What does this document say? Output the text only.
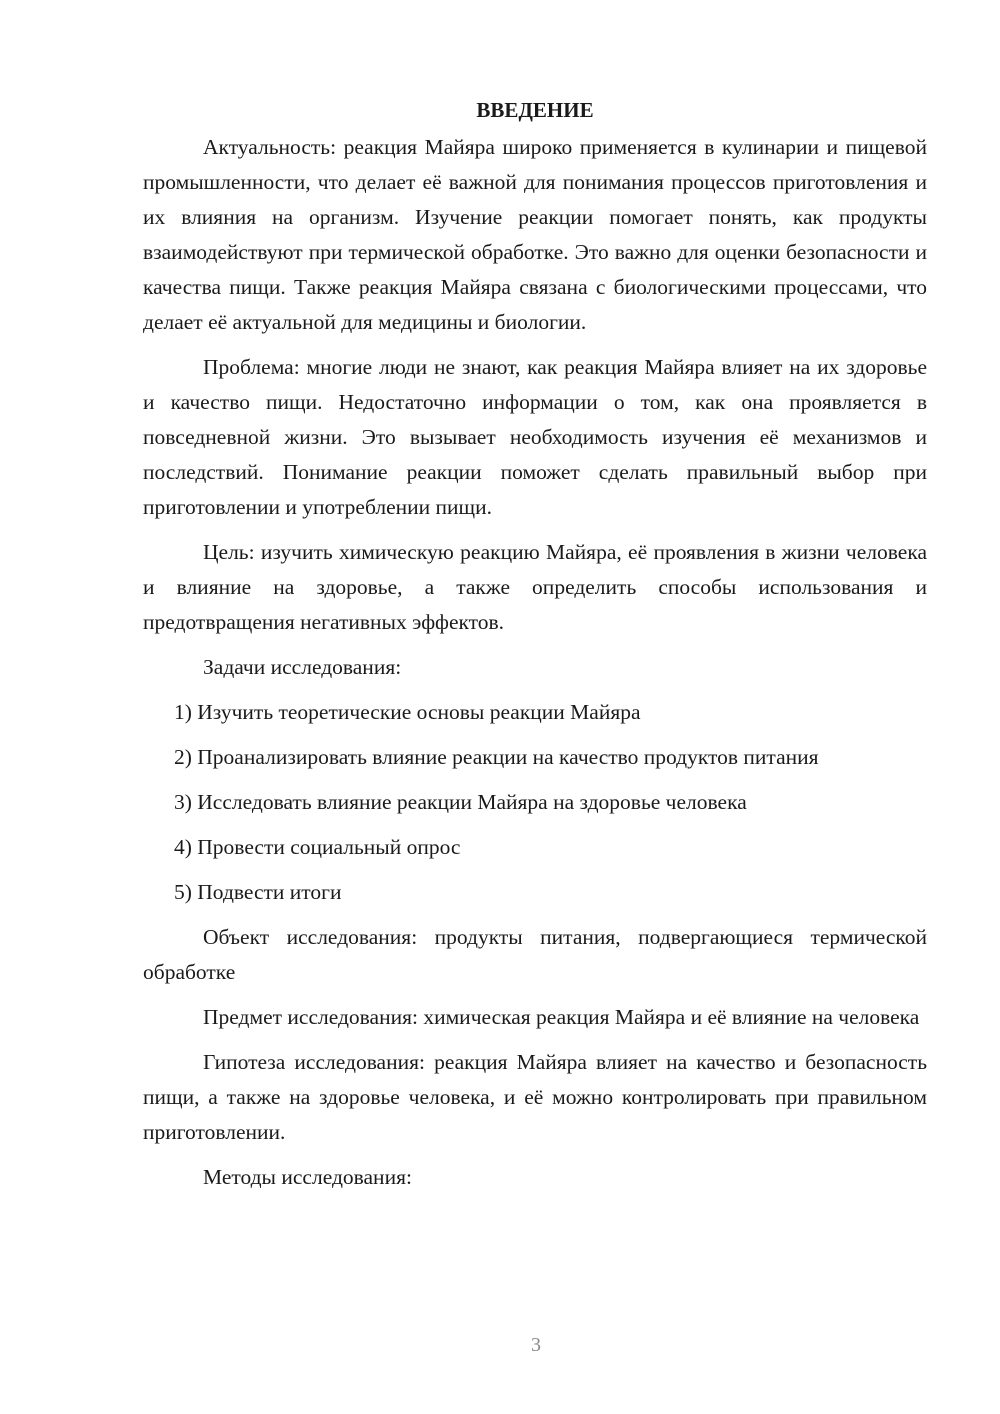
ВВЕДЕНИЕ

Актуальность: реакция Майяра широко применяется в кулинарии и пищевой промышленности, что делает её важной для понимания процессов приготовления и их влияния на организм. Изучение реакции помогает понять, как продукты взаимодействуют при термической обработке. Это важно для оценки безопасности и качества пищи. Также реакция Майяра связана с биологическими процессами, что делает её актуальной для медицины и биологии.

Проблема: многие люди не знают, как реакция Майяра влияет на их здоровье и качество пищи. Недостаточно информации о том, как она проявляется в повседневной жизни. Это вызывает необходимость изучения её механизмов и последствий. Понимание реакции поможет сделать правильный выбор при приготовлении и употреблении пищи.

Цель: изучить химическую реакцию Майяра, её проявления в жизни человека и влияние на здоровье, а также определить способы использования и предотвращения негативных эффектов.

Задачи исследования:

1) Изучить теоретические основы реакции Майяра

2) Проанализировать влияние реакции на качество продуктов питания

3) Исследовать влияние реакции Майяра на здоровье человека

4) Провести социальный опрос

5) Подвести итоги

Объект исследования: продукты питания, подвергающиеся термической обработке

Предмет исследования: химическая реакция Майяра и её влияние на человека

Гипотеза исследования: реакция Майяра влияет на качество и безопасность пищи, а также на здоровье человека, и её можно контролировать при правильном приготовлении.

Методы исследования:

3
